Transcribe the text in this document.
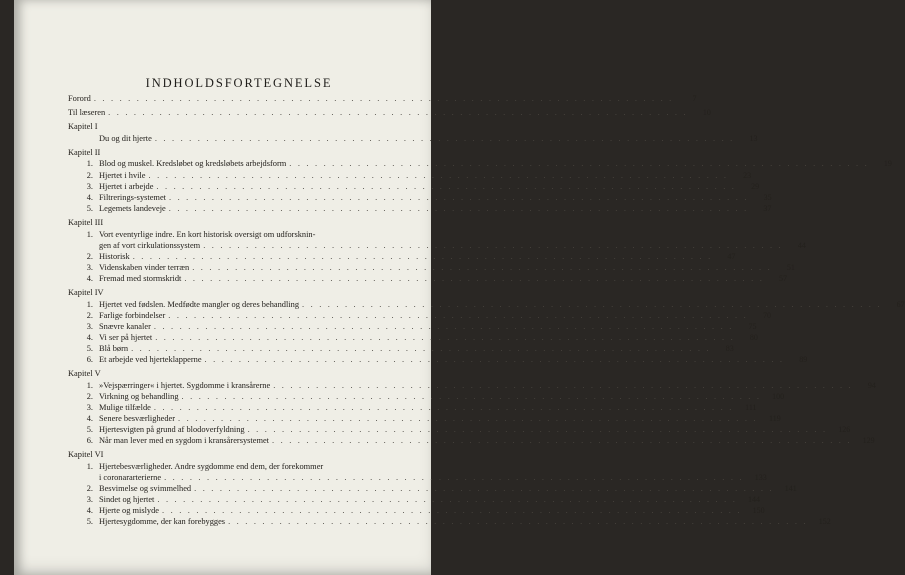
INDHOLDSFORTEGNELSE
Forord . . . . . . . . . . . . . . . . . . . . . . . . . . . . . . . . . . . . . . . . . . . . . . . . . . . . . . . . . . . . . . . . . . . .	7
Til læseren . . . . . . . . . . . . . . . . . . . . . . . . . . . . . . . . . . . . . . . . . . . . . . . . . . . . . . . . . . . . . . . . . . . .	10
Kapitel I
Du og dit hjerte . . . . . . . . . . . . . . . . . . . . . . . . . . . . . . . . . . . . . . . . . . . . . . . . . . . . . . . . . . . . . . . . . . . .	13
Kapitel II
1. Blod og muskel. Kredsløbet og kredsløbets arbejdsform . . . . . . . . . . . . . . . . . . . . . . . . . . . . . . . . . . . . . . . . . . . . . . . . . . . . . . . . . . . . . . . . . . . .	19
2. Hjertet i hvile . . . . . . . . . . . . . . . . . . . . . . . . . . . . . . . . . . . . . . . . . . . . . . . . . . . . . . . . . . . . . . . . . . . .	23
3. Hjertet i arbejde . . . . . . . . . . . . . . . . . . . . . . . . . . . . . . . . . . . . . . . . . . . . . . . . . . . . . . . . . . . . . . . . . . . .	29
4. Filtrerings-systemet . . . . . . . . . . . . . . . . . . . . . . . . . . . . . . . . . . . . . . . . . . . . . . . . . . . . . . . . . . . . . . . . . . . .	35
5. Legemets landeveje . . . . . . . . . . . . . . . . . . . . . . . . . . . . . . . . . . . . . . . . . . . . . . . . . . . . . . . . . . . . . . . . . . . .	37
Kapitel III
1. Vort eventyrlige indre. En kort historisk oversigt om udforsknin-
gen af vort cirkulationssystem . . . . . . . . . . . . . . . . . . . . . . . . . . . . . . . . . . . . . . . . . . . . . . . . . . . . . . . . . . . . . . . . . . . .	44
2. Historisk . . . . . . . . . . . . . . . . . . . . . . . . . . . . . . . . . . . . . . . . . . . . . . . . . . . . . . . . . . . . . . . . . . . .	47
3. Videnskaben vinder terræn . . . . . . . . . . . . . . . . . . . . . . . . . . . . . . . . . . . . . . . . . . . . . . . . . . . . . . . . . . . . . . . . . . . .	51
4. Fremad med stormskridt . . . . . . . . . . . . . . . . . . . . . . . . . . . . . . . . . . . . . . . . . . . . . . . . . . . . . . . . . . . . . . . . . . . .	57
Kapitel IV
1. Hjertet ved fødslen. Medfødte mangler og deres behandling . . . . . . . . . . . . . . . . . . . . . . . . . . . . . . . . . . . . . . . . . . . . . . . . . . . . . . . . . . . . . . . . . . . .	67
2. Farlige forbindelser . . . . . . . . . . . . . . . . . . . . . . . . . . . . . . . . . . . . . . . . . . . . . . . . . . . . . . . . . . . . . . . . . . . .	70
3. Snævre kanaler . . . . . . . . . . . . . . . . . . . . . . . . . . . . . . . . . . . . . . . . . . . . . . . . . . . . . . . . . . . . . . . . . . . .	75
4. Vi ser på hjertet . . . . . . . . . . . . . . . . . . . . . . . . . . . . . . . . . . . . . . . . . . . . . . . . . . . . . . . . . . . . . . . . . . . .	80
5. Blå børn . . . . . . . . . . . . . . . . . . . . . . . . . . . . . . . . . . . . . . . . . . . . . . . . . . . . . . . . . . . . . . . . . . . .	83
6. Et arbejde ved hjerteklapperne . . . . . . . . . . . . . . . . . . . . . . . . . . . . . . . . . . . . . . . . . . . . . . . . . . . . . . . . . . . . . . . . . . . .	89
Kapitel V
1. »Vejspærringer« i hjertet. Sygdomme i kransårerne . . . . . . . . . . . . . . . . . . . . . . . . . . . . . . . . . . . . . . . . . . . . . . . . . . . . . . . . . . . . . . . . . . . .	94
2. Virkning og behandling . . . . . . . . . . . . . . . . . . . . . . . . . . . . . . . . . . . . . . . . . . . . . . . . . . . . . . . . . . . . . . . . . . . .	100
3. Mulige tilfælde . . . . . . . . . . . . . . . . . . . . . . . . . . . . . . . . . . . . . . . . . . . . . . . . . . . . . . . . . . . . . . . . . . . .	111
4. Senere besværligheder . . . . . . . . . . . . . . . . . . . . . . . . . . . . . . . . . . . . . . . . . . . . . . . . . . . . . . . . . . . . . . . . . . . .	119
5. Hjertesvigten på grund af blodoverfyldning . . . . . . . . . . . . . . . . . . . . . . . . . . . . . . . . . . . . . . . . . . . . . . . . . . . . . . . . . . . . . . . . . . . .	126
6. Når man lever med en sygdom i kransårersystemet . . . . . . . . . . . . . . . . . . . . . . . . . . . . . . . . . . . . . . . . . . . . . . . . . . . . . . . . . . . . . . . . . . . .	129
Kapitel VI
1. Hjertebesværligheder. Andre sygdomme end dem, der forekommer
i coronararterierne . . . . . . . . . . . . . . . . . . . . . . . . . . . . . . . . . . . . . . . . . . . . . . . . . . . . . . . . . . . . . . . . . . . .	133
2. Besvimelse og svimmelhed . . . . . . . . . . . . . . . . . . . . . . . . . . . . . . . . . . . . . . . . . . . . . . . . . . . . . . . . . . . . . . . . . . . .	141
3. Sindet og hjertet . . . . . . . . . . . . . . . . . . . . . . . . . . . . . . . . . . . . . . . . . . . . . . . . . . . . . . . . . . . . . . . . . . . .	144
4. Hjerte og mislyde . . . . . . . . . . . . . . . . . . . . . . . . . . . . . . . . . . . . . . . . . . . . . . . . . . . . . . . . . . . . . . . . . . . .	150
5. Hjertesygdomme, der kan forebygges . . . . . . . . . . . . . . . . . . . . . . . . . . . . . . . . . . . . . . . . . . . . . . . . . . . . . . . . . . . . . . . . . . . .	152
